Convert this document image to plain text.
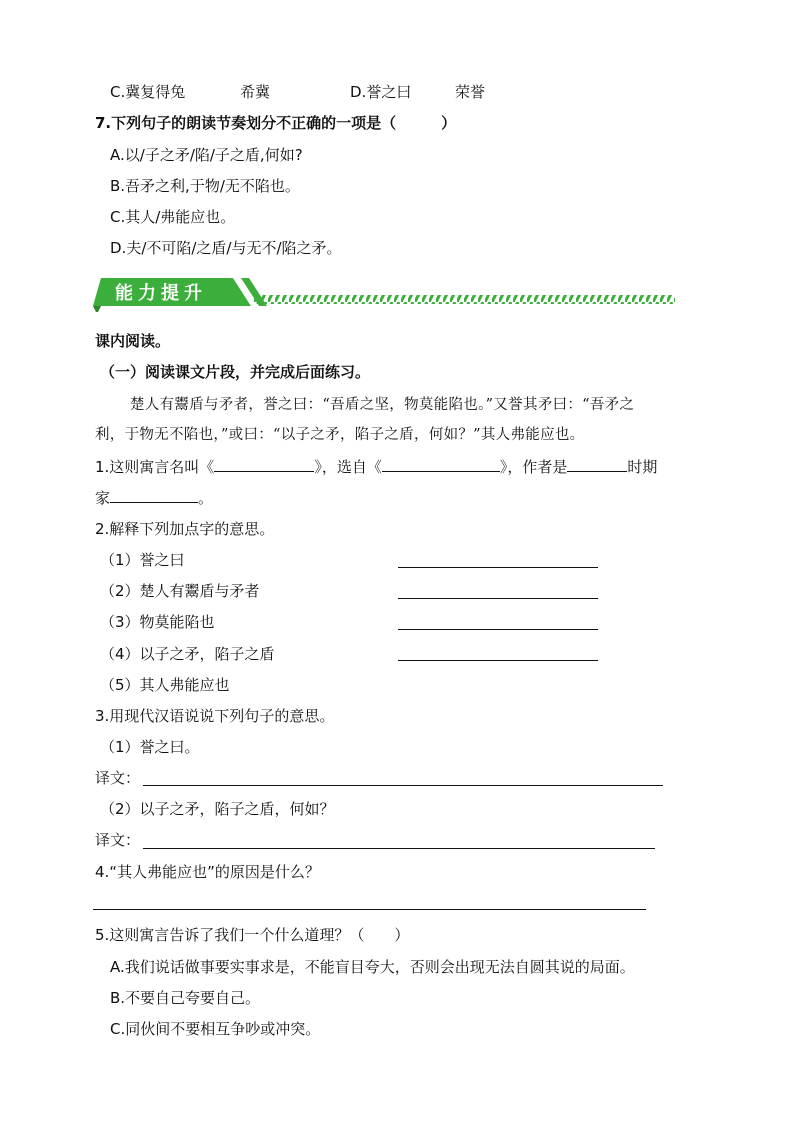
C.冀复得兔	希冀	D.誉之曰	荣誉
7.下列句子的朗读节奏划分不正确的一项是（　　　）
A.以/子之矛/陷/子之盾,何如?
B.吾矛之利,于物/无不陷也。
C.其人/弗能应也。
D.夫/不可陷/之盾/与无不/陷之矛。
能力提升
课内阅读。
（一）阅读课文片段，并完成后面练习。
楚人有鬻盾与矛者，誉之曰：“吾盾之坚，物莫能陷也。”又誉其矛曰：“吾矛之
利，于物无不陷也，”或曰：“以子之矛，陷子之盾，何如？”其人弗能应也。
1.这则寓言名叫《	》，选自《	》，作者是	时期
家	。
2.解释下列加点字的意思。
（1）誉之曰
（2）楚人有鬻盾与矛者
（3）物莫能陷也
（4）以子之矛，陷子之盾
（5）其人弗能应也
3.用现代汉语说说下列句子的意思。
（1）誉之曰。
译文：
（2）以子之矛，陷子之盾，何如？
译文：
4.“其人弗能应也”的原因是什么？
5.这则寓言告诉了我们一个什么道理？（　　）
A.我们说话做事要实事求是，不能盲目夸大，否则会出现无法自圆其说的局面。
B.不要自己夸要自己。
C.同伙间不要相互争吵或冲突。
